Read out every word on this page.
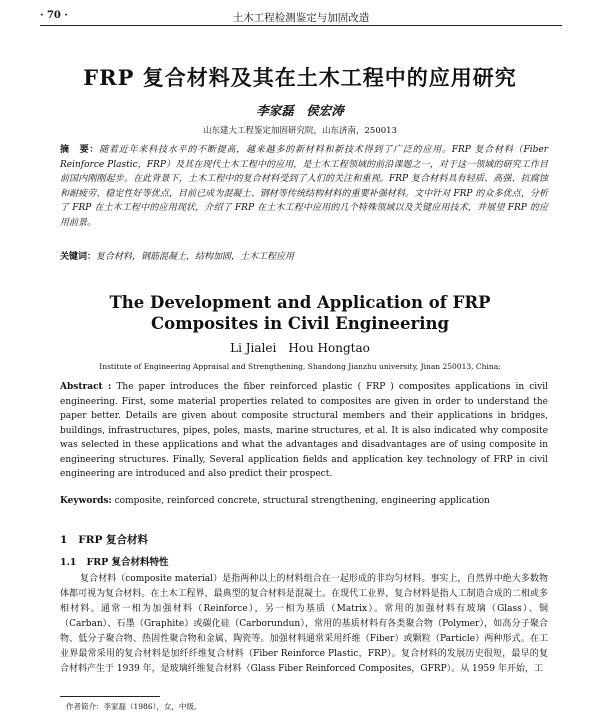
· 70 ·	土木工程检测鉴定与加固改造
FRP 复合材料及其在土木工程中的应用研究
李家磊　侯宏涛
山东建大工程鉴定加固研究院，山东济南，250013
摘　要：随着近年来科技水平的不断提高，越来越多的新材料和新技术得到了广泛的应用。FRP 复合材料（Fiber Reinforce Plastic，FRP）及其在现代土木工程中的应用，是土木工程领域的前沿课题之一，对于这一领域的研究工作目前国内刚刚起步。在此背景下，土木工程中的复合材料受到了人们的关注和重视。FRP 复合材料具有轻质、高强、抗腐蚀和耐疲劳、稳定性好等优点，目前已成为混凝土、钢材等传统结构材料的重要补强材料。文中针对 FRP 的众多优点，分析了 FRP 在土木工程中的应用现状，介绍了 FRP 在土木工程中应用的几个特殊领域以及关键应用技术，并展望 FRP 的应用前景。
关键词：复合材料，钢筋混凝土，结构加固，土木工程应用
The Development and Application of FRP
Composites in Civil Engineering
Li Jialei　Hou Hongtao
Institute of Engineering Appraisal and Strengthening, Shandong Jianzhu university, Jinan 250013, China;
Abstract : The paper introduces the fiber reinforced plastic ( FRP ) composites applications in civil engineering. First, some material properties related to composites are given in order to understand the paper better. Details are given about composite structural members and their applications in bridges, buildings, infrastructures, pipes, poles, masts, marine structures, et al. It is also indicated why composite was selected in these applications and what the advantages and disadvantages are of using composite in engineering structures. Finally, Several application fields and application key technology of FRP in civil engineering are introduced and also predict their prospect.
Keywords: composite, reinforced concrete, structural strengthening, engineering application
1 FRP 复合材料
1.1 FRP 复合材料特性
复合材料（composite material）是指两种以上的材料组合在一起形成的非均匀材料。事实上，自然界中绝大多数物体都可视为复合材料。在土木工程界，最典型的复合材料是混凝土。在现代工业界，复合材料是指人工制造合成的二相或多相材料。通常一相为加强材料（Reinforce），另一相为基质（Matrix）。常用的加强材料有玻璃（Glass）、铜（Carban）、石墨（Graphite）或碳化硅（Carborundun），常用的基质材料有各类聚合物（Polymer），如高分子聚合物、低分子聚合物、热固性聚合物和金属、陶瓷等。加强材料通常采用纤维（Fiber）或颗粒（Particle）两种形式。在工业界最常采用的复合材料是加纤纤维复合材料（Fiber Reinforce Plastic，FRP）。复合材料的发展历史很短，最早的复合材料产生于 1939 年，是玻璃纤维复合材料（Glass Fiber Reinforced Composites，GFRP）。从 1959 年开始，工
作者简介：李家磊（1986），女，中级。
